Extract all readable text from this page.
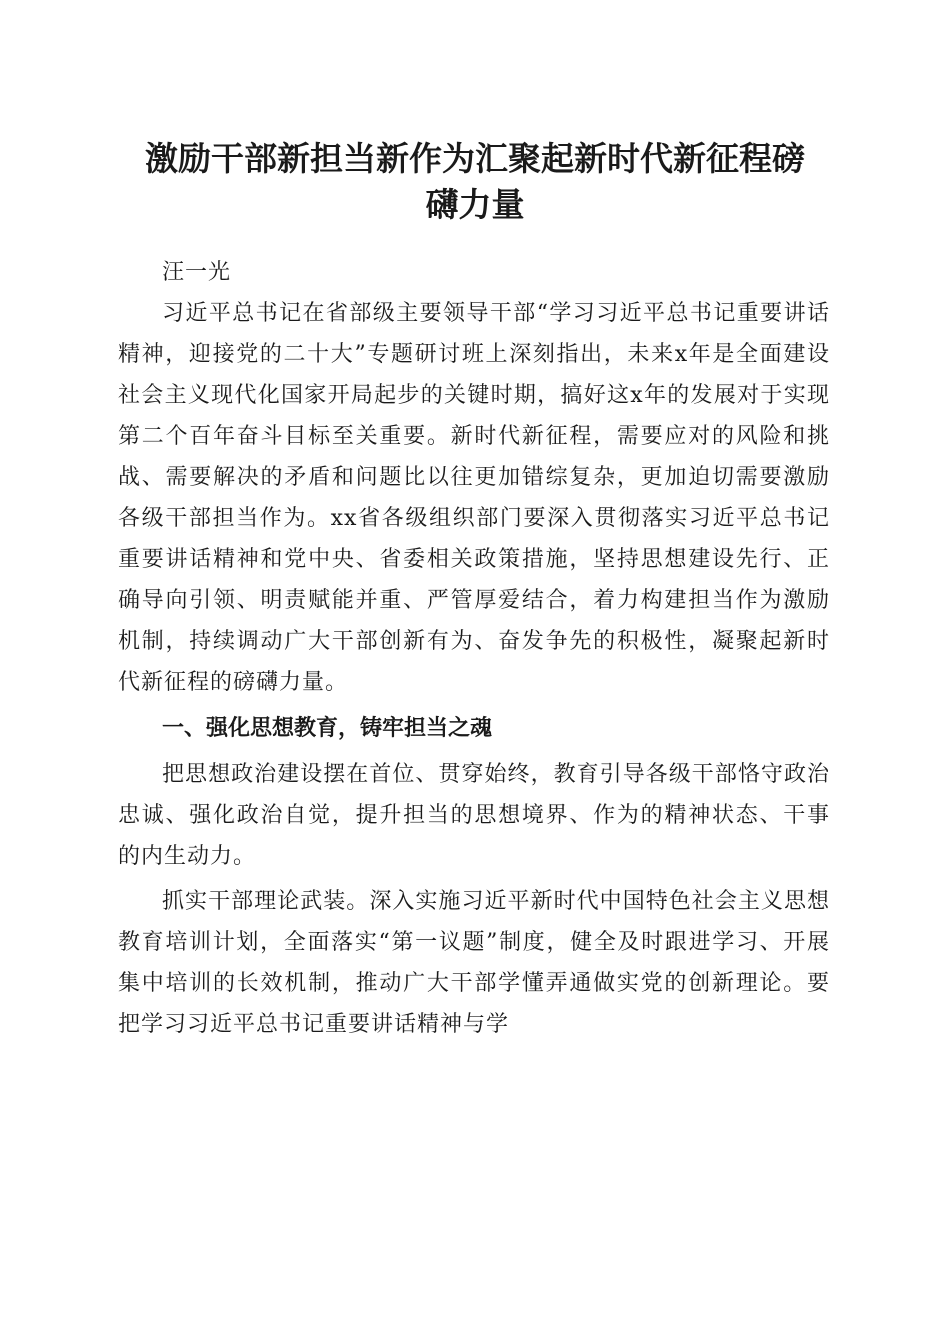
激励干部新担当新作为汇聚起新时代新征程磅
礴力量

汪一光

习近平总书记在省部级主要领导干部“学习习近平总书记重要讲话精神，迎接党的二十大”专题研讨班上深刻指出，未来x年是全面建设社会主义现代化国家开局起步的关键时期，搞好这x年的发展对于实现第二个百年奋斗目标至关重要。新时代新征程，需要应对的风险和挑战、需要解决的矛盾和问题比以往更加错综复杂，更加迫切需要激励各级干部担当作为。xx省各级组织部门要深入贯彻落实习近平总书记重要讲话精神和党中央、省委相关政策措施，坚持思想建设先行、正确导向引领、明责赋能并重、严管厚爱结合，着力构建担当作为激励机制，持续调动广大干部创新有为、奋发争先的积极性，凝聚起新时代新征程的磅礴力量。

一、强化思想教育，铸牢担当之魂

把思想政治建设摆在首位、贯穿始终，教育引导各级干部恪守政治忠诚、强化政治自觉，提升担当的思想境界、作为的精神状态、干事的内生动力。

抓实干部理论武装。深入实施习近平新时代中国特色社会主义思想教育培训计划，全面落实“第一议题”制度，健全及时跟进学习、开展集中培训的长效机制，推动广大干部学懂弄通做实党的创新理论。要把学习习近平总书记重要讲话精神与学
